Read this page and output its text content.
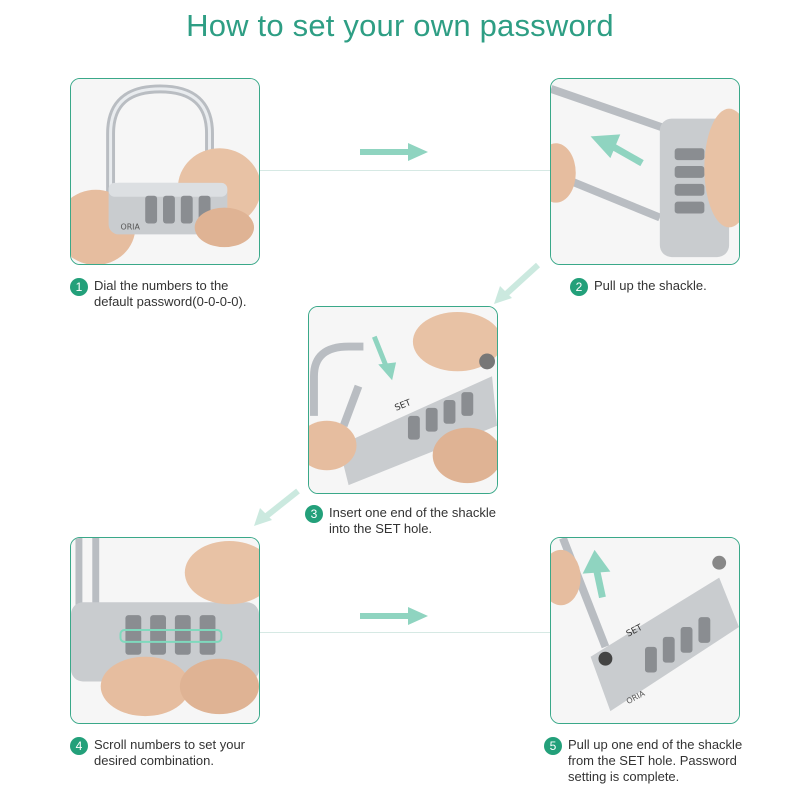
How to set your own password
ORIA
SET
SET
ORIA
1 Dial the numbers to the
default password(0-0-0-0).
2 Pull up the shackle.
3 Insert one end of the shackle
into the SET hole.
4 Scroll numbers to set your
desired combination.
5 Pull up one end of the shackle
from the SET hole. Password
setting is complete.
